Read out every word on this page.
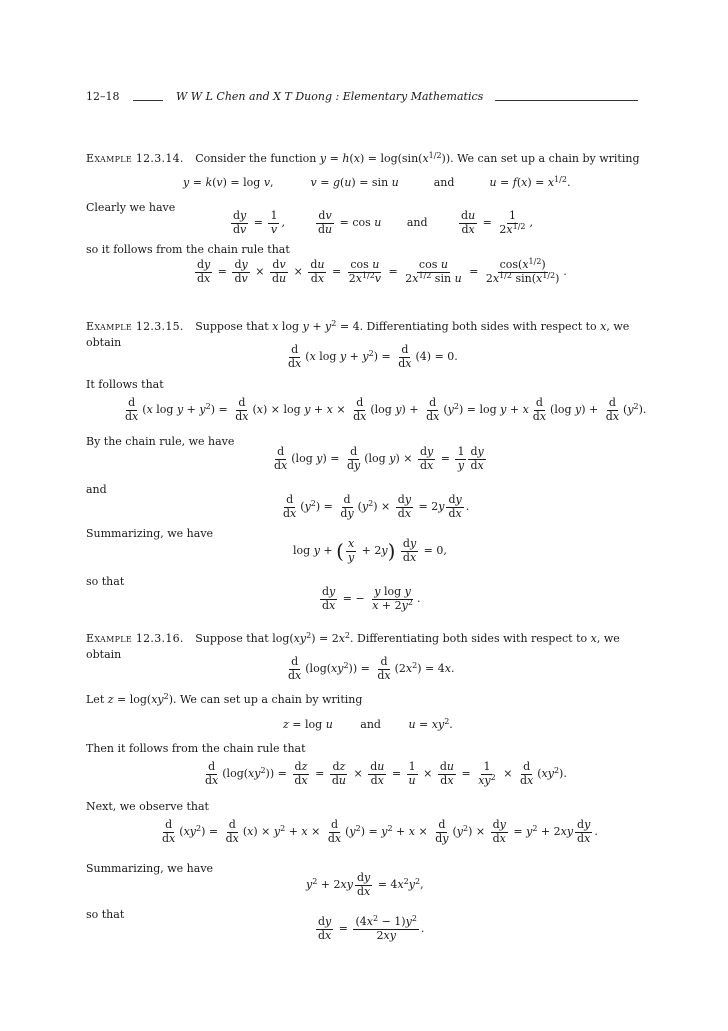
12–18	W W L Chen and X T Duong : Elementary Mathematics
Example 12.3.14. Consider the function $y = h(x) = \log(\sin(x^{1/2}))$. We can set up a chain by writing
y = k(v) = log v,	v = g(u) = sin u	and	$u = f(x) = x^{1/2}$.
Clearly we have
$\frac{dy}{dv} = \frac{1}{v}$ ,	$\frac{dv}{du} = \cos u$ and	$\frac{du}{dx} = \frac{1}{2x^{1/2}}$ ,
so it follows from the chain rule that
$\frac{dy}{dx} = \frac{dy}{dv} \times \frac{dv}{du} \times \frac{du}{dx} = \frac{\text{cos u}}{2x^{1/2}v} = \frac{\text{cos u}}{2x^{1/2} \sin u} = \frac{\cos(x^{1/2})}{2x^{1/2} \sin(x^{1/2})}$ .
Example 12.3.15. Suppose that x $\log y + y^2 = 4$. Differentiating both sides with respect to x, we
obtain
$\frac{d}{dx} (x$ $\log y + y^2) = \frac{d}{dx} (4) = 0$.
It follows that
$\frac{d}{dx} (x$ $\log y + y^2) = \frac{d}{dx} (x) \times \log y + x \times \frac{d}{dx} (\log$ $y) + \frac{d}{dx} (y^2) = \log y + x \frac{d}{dx} (\log$ $y) + \frac{d}{dx} (y^2)$.
By the chain rule, we have
$\frac{d}{dx} (\log$ $y) = \frac{d}{dy} (\log$ $y) \times \frac{dy}{dx} = \frac{1}{y} \frac{dy}{dx}$
and
$\frac{d}{dx} (y^2) = \frac{d}{dy} (y^2) \times \frac{dy}{dx} = 2y \frac{dy}{dx}$ .
Summarizing, we have
log y + ( $\frac{x}{y} + 2y) \frac{dy}{dx} = 0$,
so that
$\frac{dy}{dx}$ = − $\frac{\text{y log y}}{x + 2y^2}$ .
Example 12.3.16. Suppose that $\log(xy^2) = 2x^2$. Differentiating both sides with respect to x, we
obtain
$\frac{d}{dx} (\log(xy^2)) = \frac{d}{dx} (2x^2) = 4x$.
Let $z = \log(xy^2)$. We can set up a chain by writing
z = log u	and	$u = xy^2$.
Then it follows from the chain rule that
$\frac{d}{dx} (\log(xy^2)) = \frac{dz}{dx} = \frac{dz}{du} \times \frac{du}{dx} = \frac{1}{u} \times \frac{du}{dx} = \frac{1}{xy^2} \times \frac{d}{dx} (xy^2)$.
Next, we observe that
$\frac{d}{dx} (xy^2) = \frac{d}{dx} (x) \times y^2 + x \times \frac{d}{dx} (y^2) = y^2 + x \times \frac{d}{dy} (y^2) \times \frac{dy}{dx} = y^2 + 2xy \frac{dy}{dx}$ .
Summarizing, we have
$y^2 + 2xy \frac{dy}{dx} = 4x^2y^2$,
so that
$\frac{dy}{dx} = \frac{(4x^2 - 1)y^2}{2xy}$ .
